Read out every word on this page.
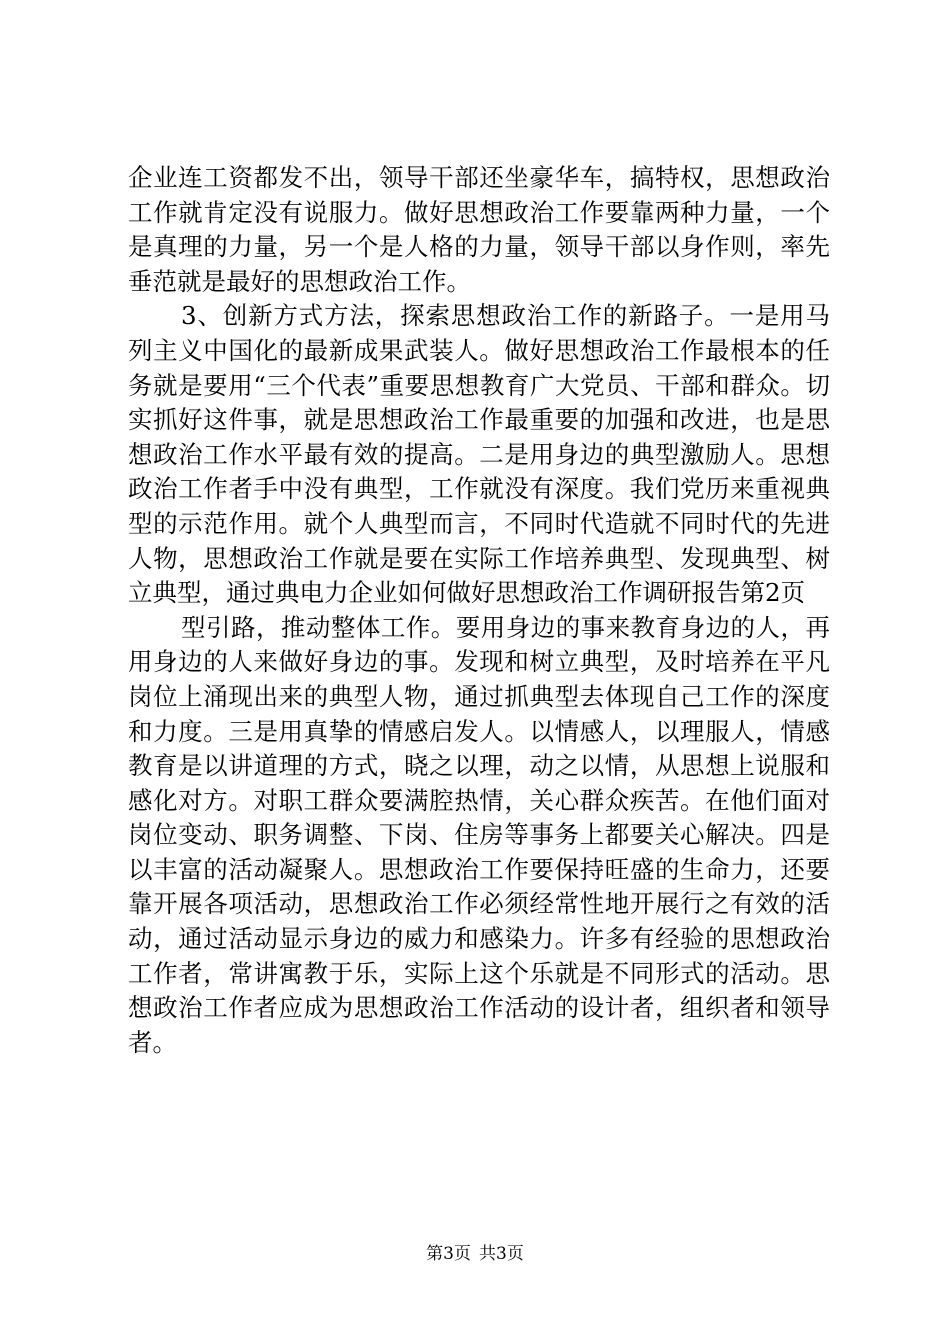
企业连工资都发不出，领导干部还坐豪华车，搞特权，思想政治工作就肯定没有说服力。做好思想政治工作要靠两种力量，一个是真理的力量，另一个是人格的力量，领导干部以身作则，率先垂范就是最好的思想政治工作。

3、创新方式方法，探索思想政治工作的新路子。一是用马列主义中国化的最新成果武装人。做好思想政治工作最根本的任务就是要用“三个代表”重要思想教育广大党员、干部和群众。切实抓好这件事，就是思想政治工作最重要的加强和改进，也是思想政治工作水平最有效的提高。二是用身边的典型激励人。思想政治工作者手中没有典型，工作就没有深度。我们党历来重视典型的示范作用。就个人典型而言，不同时代造就不同时代的先进人物，思想政治工作就是要在实际工作培养典型、发现典型、树立典型，通过典电力企业如何做好思想政治工作调研报告第2页

型引路，推动整体工作。要用身边的事来教育身边的人，再用身边的人来做好身边的事。发现和树立典型，及时培养在平凡岗位上涌现出来的典型人物，通过抓典型去体现自己工作的深度和力度。三是用真挚的情感启发人。以情感人，以理服人，情感教育是以讲道理的方式，晓之以理，动之以情，从思想上说服和感化对方。对职工群众要满腔热情，关心群众疾苦。在他们面对岗位变动、职务调整、下岗、住房等事务上都要关心解决。四是以丰富的活动凝聚人。思想政治工作要保持旺盛的生命力，还要靠开展各项活动，思想政治工作必须经常性地开展行之有效的活动，通过活动显示身边的威力和感染力。许多有经验的思想政治工作者，常讲寓教于乐，实际上这个乐就是不同形式的活动。思想政治工作者应成为思想政治工作活动的设计者，组织者和领导者。

第3页 共3页
